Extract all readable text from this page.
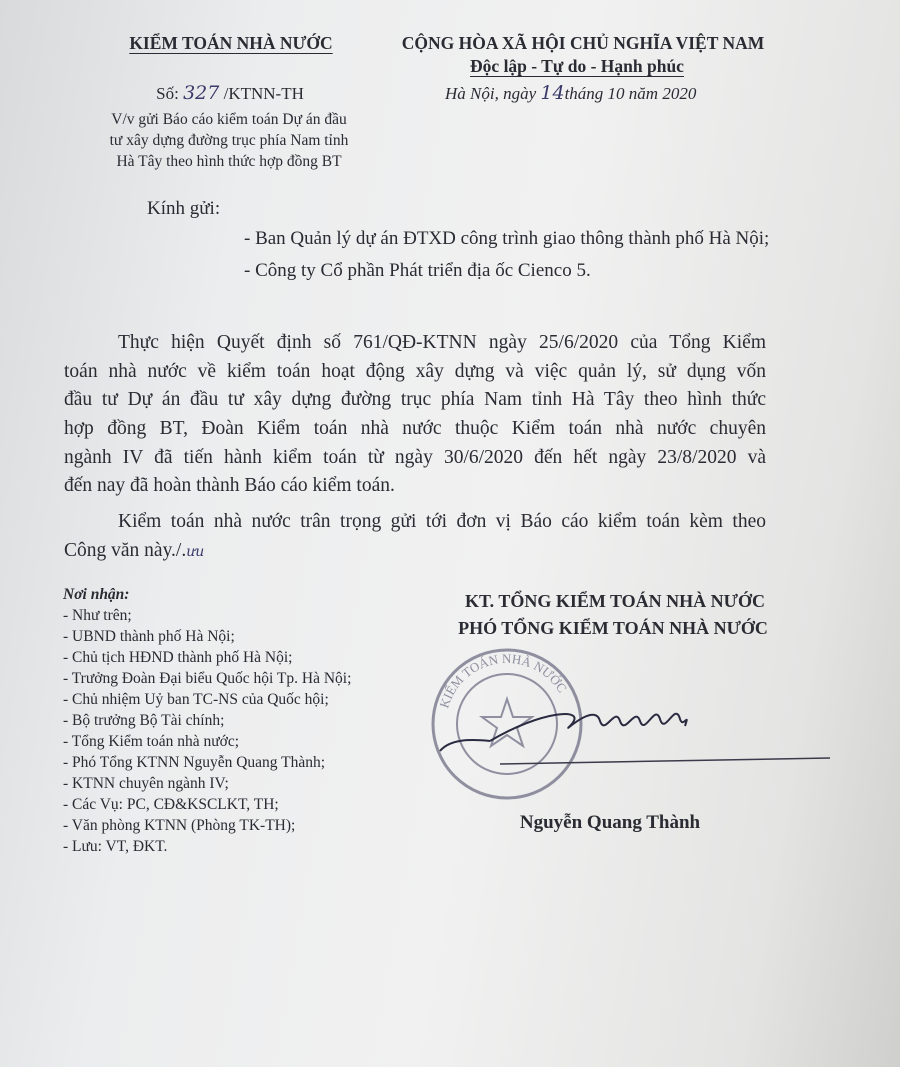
KIỂM TOÁN NHÀ NƯỚC	CỘNG HÒA XÃ HỘI CHỦ NGHĨA VIỆT NAM
Độc lập - Tự do - Hạnh phúc
Số: 327 /KTNN-TH	Hà Nội, ngày 14tháng 10 năm 2020
V/v gửi Báo cáo kiểm toán Dự án đầu
tư xây dựng đường trục phía Nam tỉnh
Hà Tây theo hình thức hợp đồng BT
Kính gửi:
- Ban Quản lý dự án ĐTXD công trình giao thông thành phố Hà Nội;
- Công ty Cổ phần Phát triển địa ốc Cienco 5.
Thực hiện Quyết định số 761/QĐ-KTNN ngày 25/6/2020 của Tổng Kiểm
toán nhà nước về kiểm toán hoạt động xây dựng và việc quản lý, sử dụng vốn
đầu tư Dự án đầu tư xây dựng đường trục phía Nam tỉnh Hà Tây theo hình thức
hợp đồng BT, Đoàn Kiểm toán nhà nước thuộc Kiểm toán nhà nước chuyên
ngành IV đã tiến hành kiểm toán từ ngày 30/6/2020 đến hết ngày 23/8/2020 và
đến nay đã hoàn thành Báo cáo kiểm toán.
Kiểm toán nhà nước trân trọng gửi tới đơn vị Báo cáo kiểm toán kèm theo
Công văn này./.ưu
Nơi nhận:
- Như trên;
- UBND thành phố Hà Nội;
- Chủ tịch HĐND thành phố Hà Nội;
- Trưởng Đoàn Đại biểu Quốc hội Tp. Hà Nội;
- Chủ nhiệm Uỷ ban TC-NS của Quốc hội;
- Bộ trưởng Bộ Tài chính;
- Tổng Kiểm toán nhà nước;
- Phó Tổng KTNN Nguyễn Quang Thành;
- KTNN chuyên ngành IV;
- Các Vụ: PC, CĐ&KSCLKT, TH;
- Văn phòng KTNN (Phòng TK-TH);
- Lưu: VT, ĐKT.
KT. TỔNG KIỂM TOÁN NHÀ NƯỚC
PHÓ TỔNG KIỂM TOÁN NHÀ NƯỚC
KIỂM TOÁN NHÀ NƯỚC
Nguyễn Quang Thành
